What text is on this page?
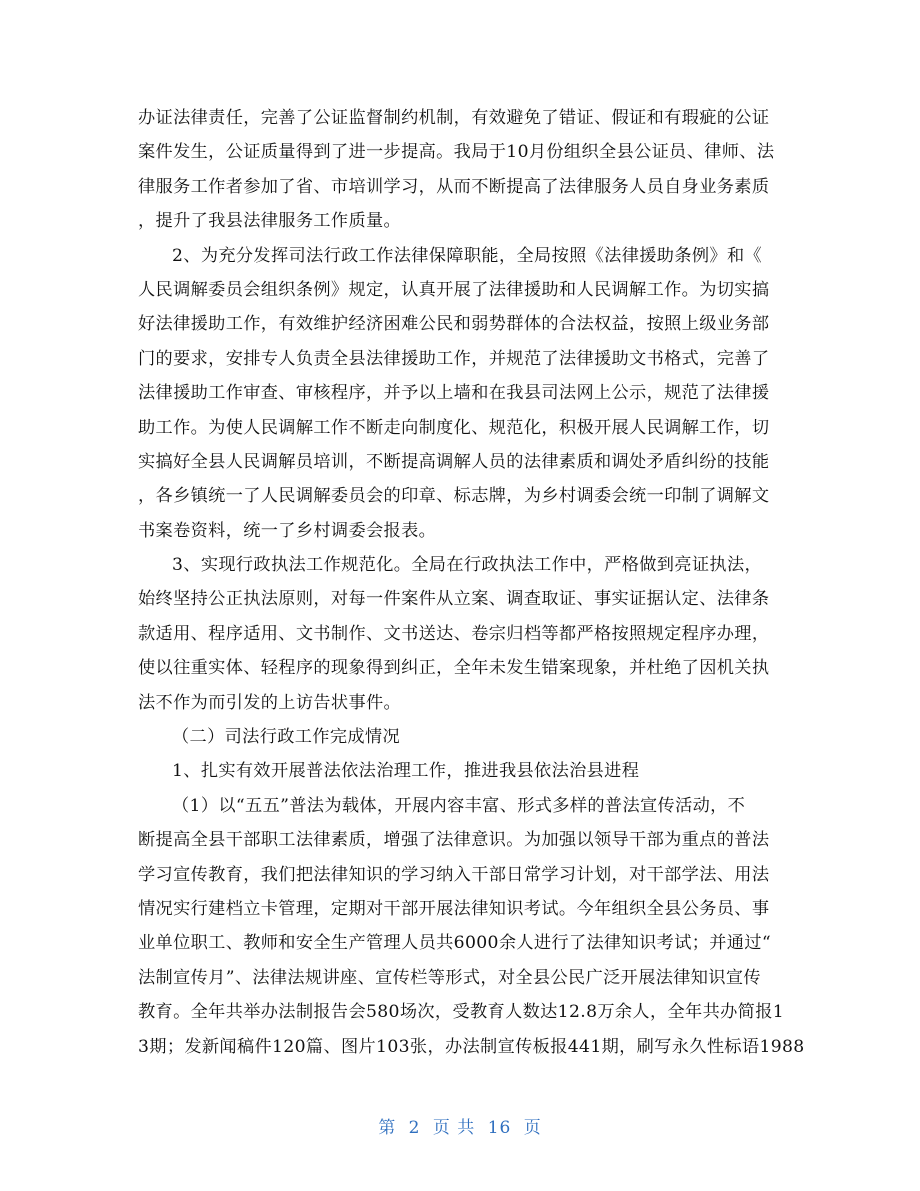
办证法律责任，完善了公证监督制约机制，有效避免了错证、假证和有瑕疵的公证
案件发生，公证质量得到了进一步提高。我局于10月份组织全县公证员、律师、法
律服务工作者参加了省、市培训学习，从而不断提高了法律服务人员自身业务素质
，提升了我县法律服务工作质量。
2、为充分发挥司法行政工作法律保障职能，全局按照《法律援助条例》和《
人民调解委员会组织条例》规定，认真开展了法律援助和人民调解工作。为切实搞
好法律援助工作，有效维护经济困难公民和弱势群体的合法权益，按照上级业务部
门的要求，安排专人负责全县法律援助工作，并规范了法律援助文书格式，完善了
法律援助工作审查、审核程序，并予以上墙和在我县司法网上公示，规范了法律援
助工作。为使人民调解工作不断走向制度化、规范化，积极开展人民调解工作，切
实搞好全县人民调解员培训，不断提高调解人员的法律素质和调处矛盾纠纷的技能
，各乡镇统一了人民调解委员会的印章、标志牌，为乡村调委会统一印制了调解文
书案卷资料，统一了乡村调委会报表。
3、实现行政执法工作规范化。全局在行政执法工作中，严格做到亮证执法，
始终坚持公正执法原则，对每一件案件从立案、调查取证、事实证据认定、法律条
款适用、程序适用、文书制作、文书送达、卷宗归档等都严格按照规定程序办理，
使以往重实体、轻程序的现象得到纠正，全年未发生错案现象，并杜绝了因机关执
法不作为而引发的上访告状事件。
（二）司法行政工作完成情况
1、扎实有效开展普法依法治理工作，推进我县依法治县进程
（1）以“五五”普法为载体，开展内容丰富、形式多样的普法宣传活动，不
断提高全县干部职工法律素质，增强了法律意识。为加强以领导干部为重点的普法
学习宣传教育，我们把法律知识的学习纳入干部日常学习计划，对干部学法、用法
情况实行建档立卡管理，定期对干部开展法律知识考试。今年组织全县公务员、事
业单位职工、教师和安全生产管理人员共6000余人进行了法律知识考试；并通过“
法制宣传月”、法律法规讲座、宣传栏等形式，对全县公民广泛开展法律知识宣传
教育。全年共举办法制报告会580场次，受教育人数达12.8万余人，全年共办简报1
3期；发新闻稿件120篇、图片103张，办法制宣传板报441期，刷写永久性标语1988
第 2 页 共 16 页
